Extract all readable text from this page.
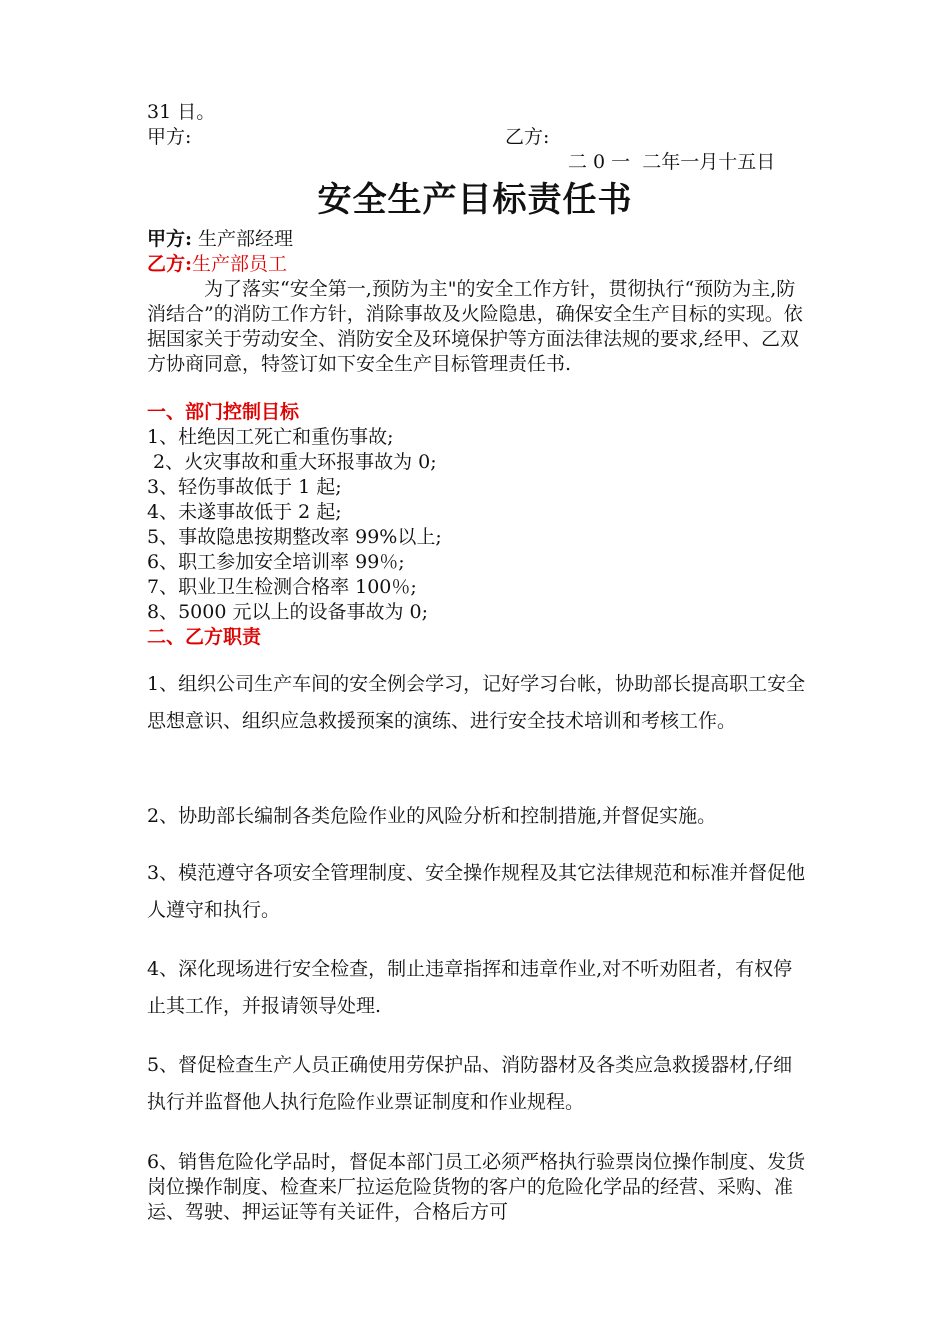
31 日。
甲方:	乙方:
二 0 一  二年一月十五日
安全生产目标责任书
甲方: 生产部经理
乙方:生产部员工
为了落实“安全第一,预防为主"的安全工作方针，贯彻执行“预防为主,防消结合”的消防工作方针，消除事故及火险隐患，确保安全生产目标的实现。依据国家关于劳动安全、消防安全及环境保护等方面法律法规的要求,经甲、乙双方协商同意，特签订如下安全生产目标管理责任书.
一、部门控制目标
1、杜绝因工死亡和重伤事故;
2、火灾事故和重大环报事故为 0;
3、轻伤事故低于 1 起;
4、未遂事故低于 2 起;
5、事故隐患按期整改率 99%以上;
6、职工参加安全培训率 99％;
7、职业卫生检测合格率 100％;
8、5000 元以上的设备事故为 0;
二、乙方职责
1、组织公司生产车间的安全例会学习，记好学习台帐，协助部长提高职工安全思想意识、组织应急救援预案的演练、进行安全技术培训和考核工作。
2、协助部长编制各类危险作业的风险分析和控制措施,并督促实施。
3、模范遵守各项安全管理制度、安全操作规程及其它法律规范和标准并督促他人遵守和执行。
4、深化现场进行安全检查，制止违章指挥和违章作业,对不听劝阻者，有权停止其工作，并报请领导处理.
5、督促检查生产人员正确使用劳保护品、消防器材及各类应急救援器材,仔细执行并监督他人执行危险作业票证制度和作业规程。
6、销售危险化学品时，督促本部门员工必须严格执行验票岗位操作制度、发货岗位操作制度、检查来厂拉运危险货物的客户的危险化学品的经营、采购、准运、驾驶、押运证等有关证件，合格后方可
